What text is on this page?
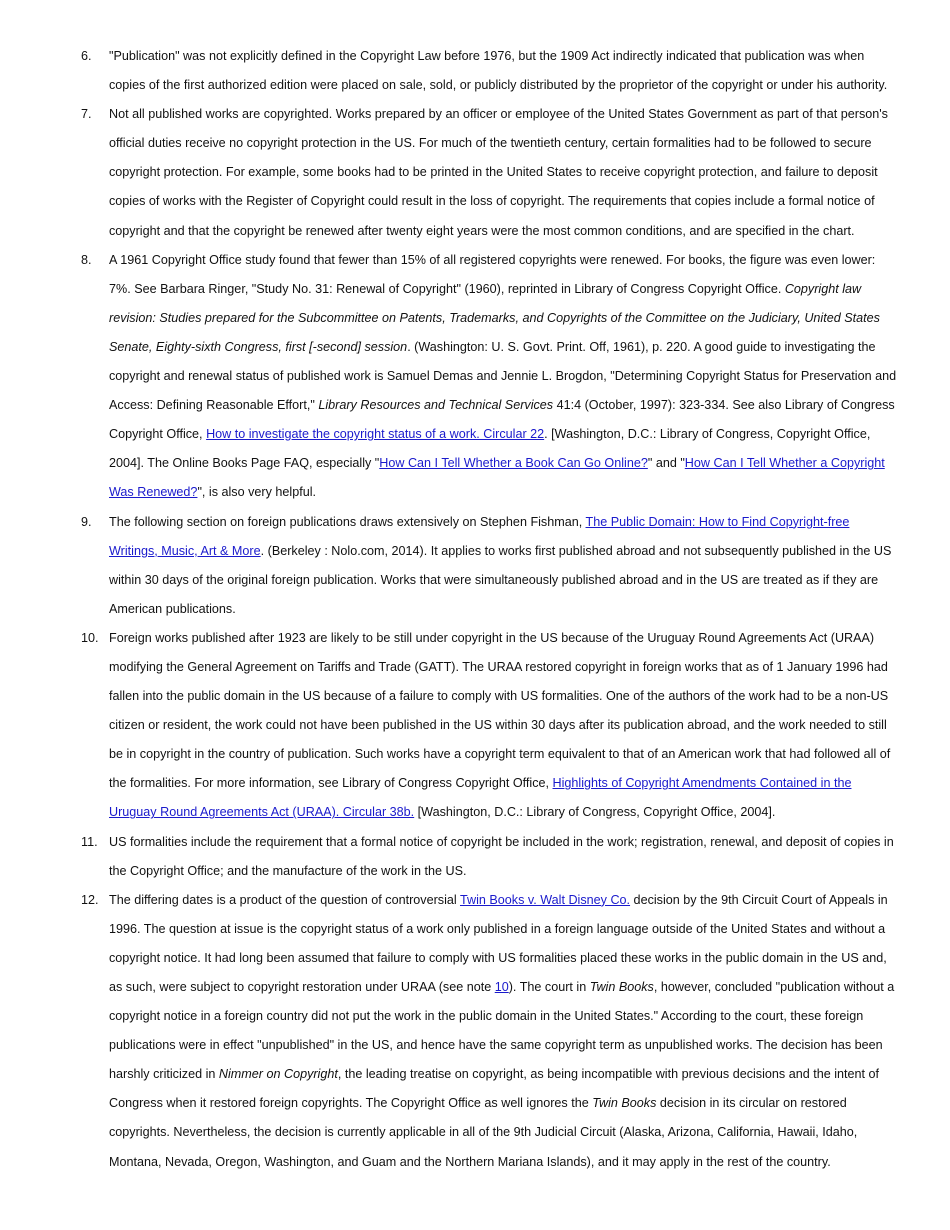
6. "Publication" was not explicitly defined in the Copyright Law before 1976, but the 1909 Act indirectly indicated that publication was when copies of the first authorized edition were placed on sale, sold, or publicly distributed by the proprietor of the copyright or under his authority.
7. Not all published works are copyrighted. Works prepared by an officer or employee of the United States Government as part of that person's official duties receive no copyright protection in the US. For much of the twentieth century, certain formalities had to be followed to secure copyright protection. For example, some books had to be printed in the United States to receive copyright protection, and failure to deposit copies of works with the Register of Copyright could result in the loss of copyright. The requirements that copies include a formal notice of copyright and that the copyright be renewed after twenty eight years were the most common conditions, and are specified in the chart.
8. A 1961 Copyright Office study found that fewer than 15% of all registered copyrights were renewed. For books, the figure was even lower: 7%. See Barbara Ringer, "Study No. 31: Renewal of Copyright" (1960), reprinted in Library of Congress Copyright Office. Copyright law revision: Studies prepared for the Subcommittee on Patents, Trademarks, and Copyrights of the Committee on the Judiciary, United States Senate, Eighty-sixth Congress, first [-second] session. (Washington: U. S. Govt. Print. Off, 1961), p. 220. A good guide to investigating the copyright and renewal status of published work is Samuel Demas and Jennie L. Brogdon, "Determining Copyright Status for Preservation and Access: Defining Reasonable Effort," Library Resources and Technical Services 41:4 (October, 1997): 323-334. See also Library of Congress Copyright Office, How to investigate the copyright status of a work. Circular 22. [Washington, D.C.: Library of Congress, Copyright Office, 2004]. The Online Books Page FAQ, especially "How Can I Tell Whether a Book Can Go Online?" and "How Can I Tell Whether a Copyright Was Renewed?", is also very helpful.
9. The following section on foreign publications draws extensively on Stephen Fishman, The Public Domain: How to Find Copyright-free Writings, Music, Art & More. (Berkeley : Nolo.com, 2014). It applies to works first published abroad and not subsequently published in the US within 30 days of the original foreign publication. Works that were simultaneously published abroad and in the US are treated as if they are American publications.
10. Foreign works published after 1923 are likely to be still under copyright in the US because of the Uruguay Round Agreements Act (URAA) modifying the General Agreement on Tariffs and Trade (GATT). The URAA restored copyright in foreign works that as of 1 January 1996 had fallen into the public domain in the US because of a failure to comply with US formalities. One of the authors of the work had to be a non-US citizen or resident, the work could not have been published in the US within 30 days after its publication abroad, and the work needed to still be in copyright in the country of publication. Such works have a copyright term equivalent to that of an American work that had followed all of the formalities. For more information, see Library of Congress Copyright Office, Highlights of Copyright Amendments Contained in the Uruguay Round Agreements Act (URAA). Circular 38b. [Washington, D.C.: Library of Congress, Copyright Office, 2004].
11. US formalities include the requirement that a formal notice of copyright be included in the work; registration, renewal, and deposit of copies in the Copyright Office; and the manufacture of the work in the US.
12. The differing dates is a product of the question of controversial Twin Books v. Walt Disney Co. decision by the 9th Circuit Court of Appeals in 1996. The question at issue is the copyright status of a work only published in a foreign language outside of the United States and without a copyright notice. It had long been assumed that failure to comply with US formalities placed these works in the public domain in the US and, as such, were subject to copyright restoration under URAA (see note 10). The court in Twin Books, however, concluded "publication without a copyright notice in a foreign country did not put the work in the public domain in the United States." According to the court, these foreign publications were in effect "unpublished" in the US, and hence have the same copyright term as unpublished works. The decision has been harshly criticized in Nimmer on Copyright, the leading treatise on copyright, as being incompatible with previous decisions and the intent of Congress when it restored foreign copyrights. The Copyright Office as well ignores the Twin Books decision in its circular on restored copyrights. Nevertheless, the decision is currently applicable in all of the 9th Judicial Circuit (Alaska, Arizona, California, Hawaii, Idaho, Montana, Nevada, Oregon, Washington, and Guam and the Northern Mariana Islands), and it may apply in the rest of the country.
